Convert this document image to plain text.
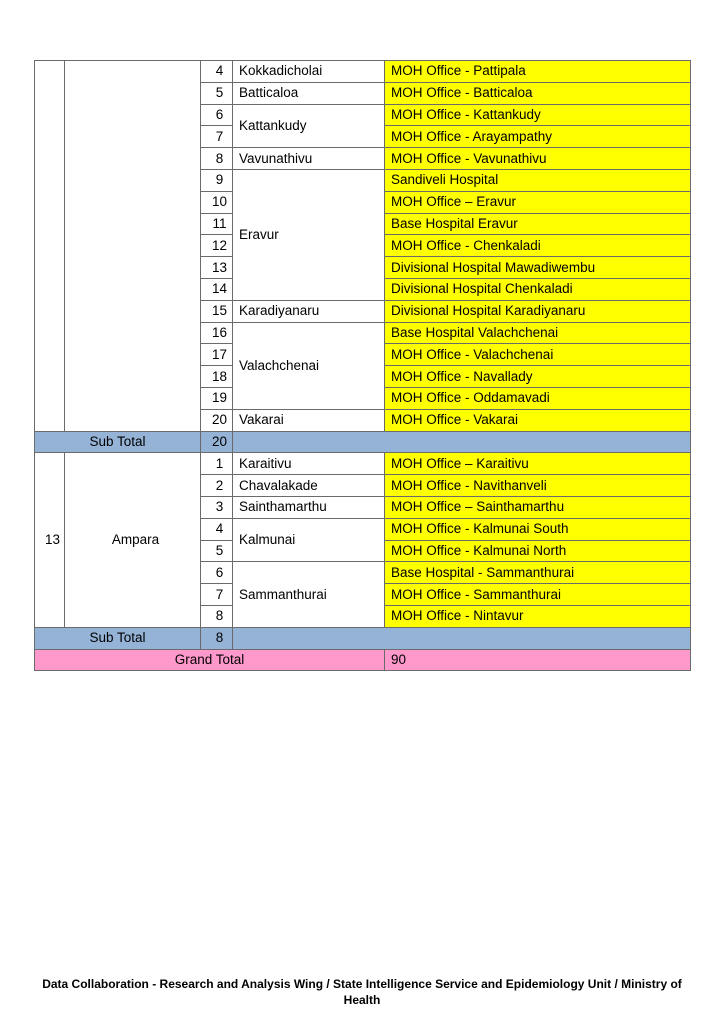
		4	Kokkadicholai	MOH Office - Pattipala
		5	Batticaloa	MOH Office - Batticaloa
		6	Kattankudy	MOH Office - Kattankudy
		7		MOH Office - Arayampathy
		8	Vavunathivu	MOH Office - Vavunathivu
		9	Eravur	Sandiveli Hospital
		10		MOH Office – Eravur
		11		Base Hospital Eravur
		12		MOH Office - Chenkaladi
		13		Divisional Hospital Mawadiwembu
		14		Divisional Hospital Chenkaladi
		15	Karadiyanaru	Divisional Hospital Karadiyanaru
		16	Valachchenai	Base Hospital Valachchenai
		17		MOH Office - Valachchenai
		18		MOH Office - Navallady
		19		MOH Office - Oddamavadi
		20	Vakarai	MOH Office - Vakarai
Sub Total		20		
13	Ampara	1	Karaitivu	MOH Office – Karaitivu
		2	Chavalakade	MOH Office - Navithanveli
		3	Sainthamarthu	MOH Office – Sainthamarthu
		4	Kalmunai	MOH Office - Kalmunai South
		5		MOH Office - Kalmunai North
		6	Sammanthurai	Base Hospital - Sammanthurai
		7		MOH Office - Sammanthurai
		8		MOH Office - Nintavur
Sub Total		8		
Grand Total				90
Data Collaboration - Research and Analysis Wing / State Intelligence Service and Epidemiology Unit / Ministry of
Health
